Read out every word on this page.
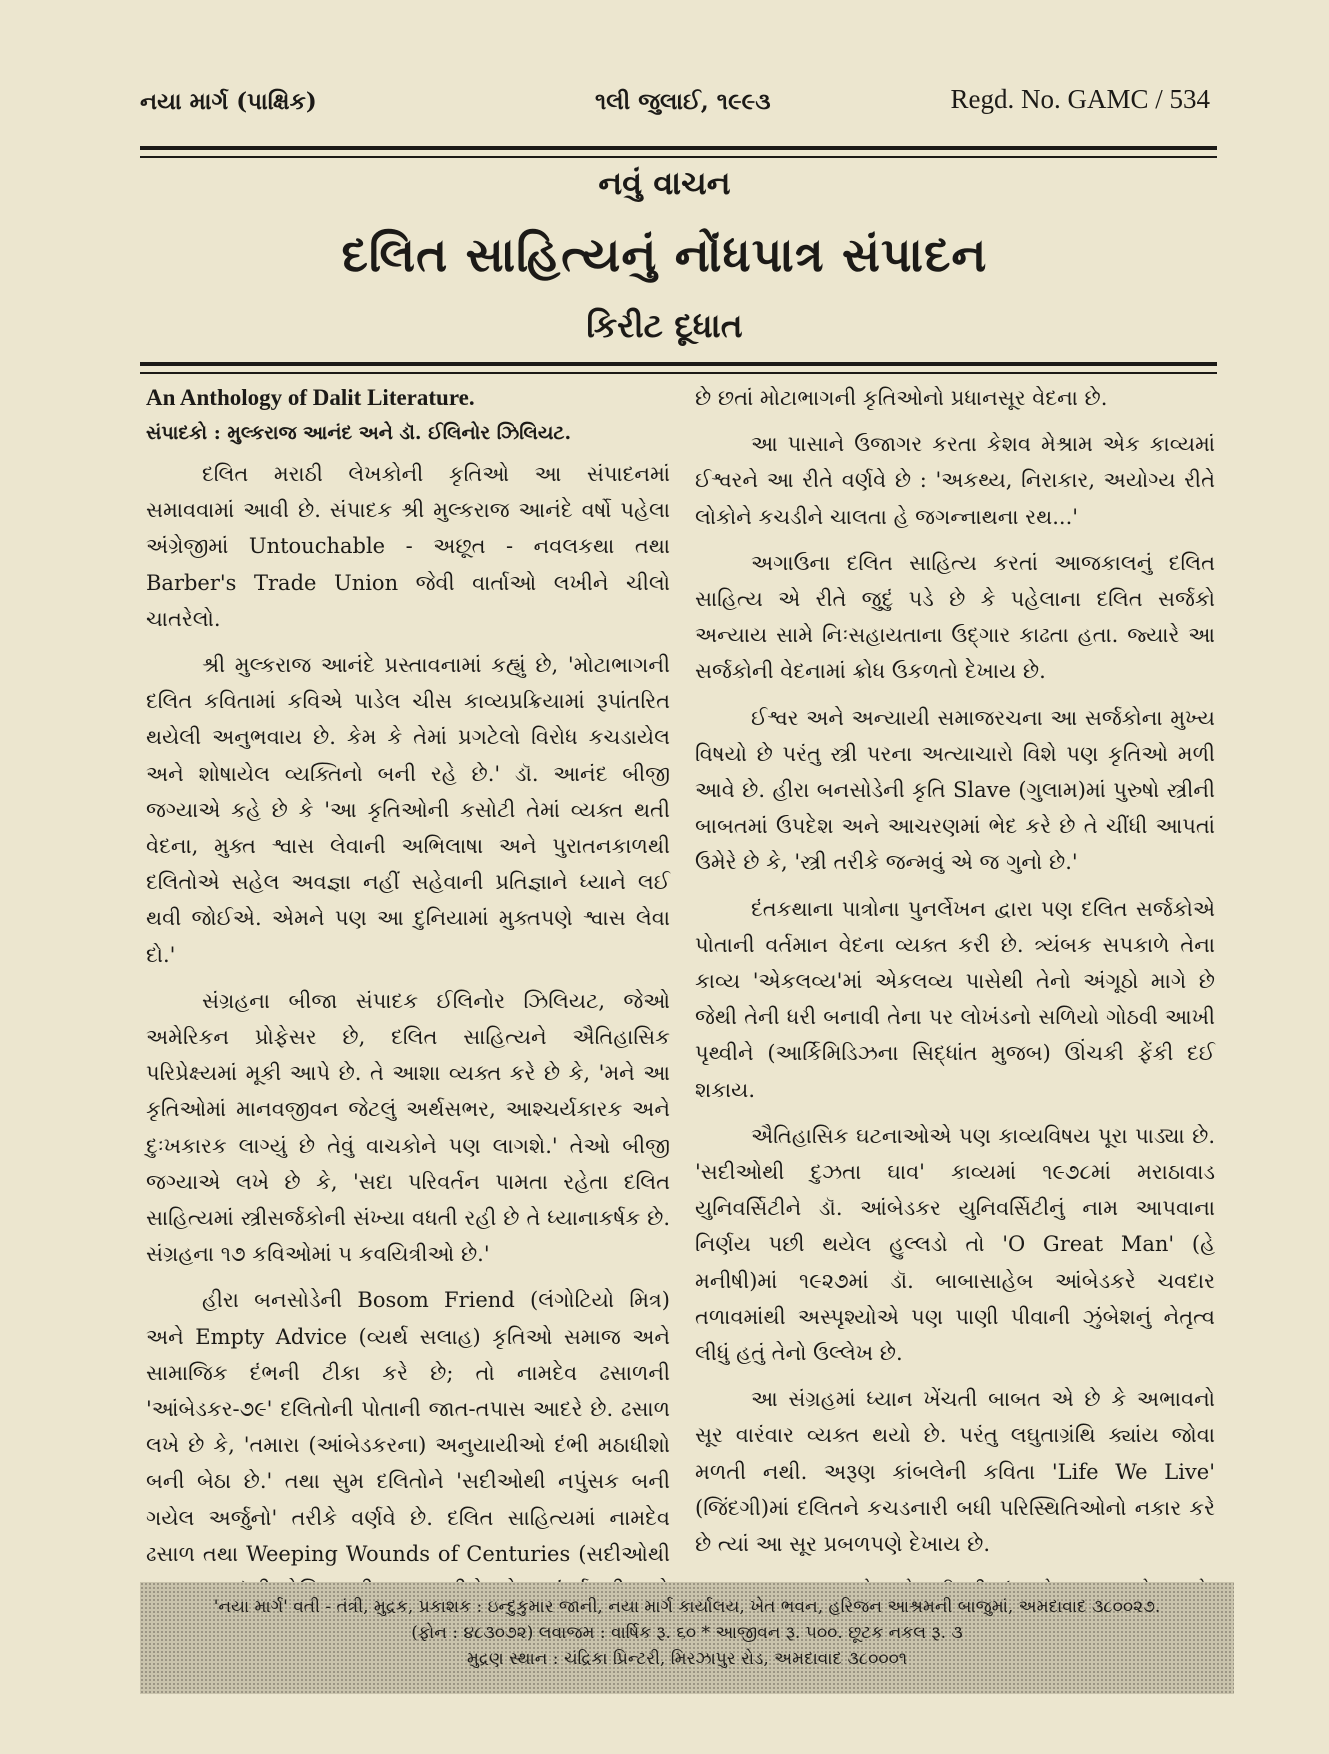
નયા માર્ગ (પાક્ષિક)	૧લી જુલાઈ, ૧૯૯૩	Regd. No. GAMC / 534
નવું વાચન
દલિત સાહિત્યનું નોંધપાત્ર સંપાદન
કિરીટ દૂધાત
An Anthology of Dalit Literature.
સંપાદકો : મુલ્કરાજ આનંદ અને ડૉ. ઈલિનોર ઝિલિયટ.

દલિત મરાઠી લેખકોની કૃતિઓ આ સંપાદનમાં સમાવવામાં આવી છે. સંપાદક શ્રી મુલ્કરાજ આનંદે વર્ષો પહેલા અંગ્રેજીમાં Untouchable - અછૂત - નવલકથા તથા Barber's Trade Union જેવી વાર્તાઓ લખીને ચીલો ચાતરેલો.

શ્રી મુલ્કરાજ આનંદે પ્રસ્તાવનામાં કહ્યું છે, 'મોટાભાગની દલિત કવિતામાં કવિએ પાડેલ ચીસ કાવ્યપ્રક્રિયામાં રૂપાંતરિત થયેલી અનુભવાય છે. કેમ કે તેમાં પ્રગટેલો વિરોધ કચડાયેલ અને શોષાયેલ વ્યક્તિનો બની રહે છે.' ડૉ. આનંદ બીજી જગ્યાએ કહે છે કે 'આ કૃતિઓની કસોટી તેમાં વ્યક્ત થતી વેદના, મુક્ત શ્વાસ લેવાની અભિલાષા અને પુરાતનકાળથી દલિતોએ સહેલ અવજ્ઞા નહીં સહેવાની પ્રતિજ્ઞાને ધ્યાને લઈ થવી જોઈએ. એમને પણ આ દુનિયામાં મુક્તપણે શ્વાસ લેવા દો.'

સંગ્રહના બીજા સંપાદક ઈલિનોર ઝિલિયટ, જેઓ અમેરિકન પ્રોફેસર છે, દલિત સાહિત્યને ઐતિહાસિક પરિપ્રેક્ષ્યમાં મૂકી આપે છે. તે આશા વ્યક્ત કરે છે કે, 'મને આ કૃતિઓમાં માનવજીવન જેટલું અર્થસભર, આશ્ચર્યકારક અને દુઃખકારક લાગ્યું છે તેવું વાચકોને પણ લાગશે.' તેઓ બીજી જગ્યાએ લખે છે કે, 'સદા પરિવર્તન પામતા રહેતા દલિત સાહિત્યમાં સ્ત્રીસર્જકોની સંખ્યા વધતી રહી છે તે ધ્યાનાકર્ષક છે. સંગ્રહના ૧૭ કવિઓમાં ૫ કવયિત્રીઓ છે.'

હીરા બનસોડેની Bosom Friend (લંગોટિયો મિત્ર) અને Empty Advice (વ્યર્થ સલાહ) કૃતિઓ સમાજ અને સામાજિક દંભની ટીકા કરે છે; તો નામદેવ ઢસાળની 'આંબેડકર-૭૯' દલિતોની પોતાની જાત-તપાસ આદરે છે. ઢસાળ લખે છે કે, 'તમારા (આંબેડકરના) અનુયાયીઓ દંભી મઠાધીશો બની બેઠા છે.' તથા સુમ દલિતોને 'સદીઓથી નપુંસક બની ગયેલ અર્જુનો' તરીકે વર્ણવે છે. દલિત સાહિત્યમાં નામદેવ ઢસાળ તથા Weeping Wounds of Centuries (સદીઓથી

છે છતાં મોટાભાગની કૃતિઓનો પ્રધાનસૂર વેદના છે.

આ પાસાને ઉજાગર કરતા કેશવ મેશ્રામ એક કાવ્યમાં ઈશ્વરને આ રીતે વર્ણવે છે : 'અકથ્ય, નિરાકાર, અયોગ્ય રીતે લોકોને કચડીને ચાલતા હે જગન્નાથના રથ...'

અગાઉના દલિત સાહિત્ય કરતાં આજકાલનું દલિત સાહિત્ય એ રીતે જુદું પડે છે કે પહેલાના દલિત સર્જકો અન્યાય સામે નિઃસહાયતાના ઉદ્ગાર કાઢતા હતા. જ્યારે આ સર્જકોની વેદનામાં ક્રોધ ઉકળતો દેખાય છે.

ઈશ્વર અને અન્યાયી સમાજરચના આ સર્જકોના મુખ્ય વિષયો છે પરંતુ સ્ત્રી પરના અત્યાચારો વિશે પણ કૃતિઓ મળી આવે છે. હીરા બનસોડેની કૃતિ Slave (ગુલામ)માં પુરુષો સ્ત્રીની બાબતમાં ઉપદેશ અને આચરણમાં ભેદ કરે છે તે ચીંધી આપતાં ઉમેરે છે કે, 'સ્ત્રી તરીકે જન્મવું એ જ ગુનો છે.'

દંતકથાના પાત્રોના પુનર્લેખન દ્વારા પણ દલિત સર્જકોએ પોતાની વર્તમાન વેદના વ્યક્ત કરી છે. ત્ર્યંબક સપકાળે તેના કાવ્ય 'એકલવ્ય'માં એકલવ્ય પાસેથી તેનો અંગૂઠો માગે છે જેથી તેની ધરી બનાવી તેના પર લોખંડનો સળિયો ગોઠવી આખી પૃથ્વીને (આર્કિમિડિઝના સિદ્ધાંત મુજબ) ઊંચકી ફેંકી દઈ શકાય.

ઐતિહાસિક ઘટનાઓએ પણ કાવ્યવિષય પૂરા પાડ્યા છે. 'સદીઓથી દુઝતા ઘાવ' કાવ્યમાં ૧૯૭૮માં મરાઠાવાડ યુનિવર્સિટીને ડૉ. આંબેડકર યુનિવર્સિટીનું નામ આપવાના નિર્ણય પછી થયેલ હુલ્લડો તો 'O Great Man' (હે મનીષી)માં ૧૯૨૭માં ડૉ. બાબાસાહેબ આંબેડકરે ચવદાર તળાવમાંથી અસ્પૃશ્યોએ પણ પાણી પીવાની ઝુંબેશનું નેતૃત્વ લીધું હતું તેનો ઉલ્લેખ છે.

આ સંગ્રહમાં ધ્યાન ખેંચતી બાબત એ છે કે અભાવનો સૂર વારંવાર વ્યક્ત થયો છે. પરંતુ લઘુતાગ્રંથિ ક્યાંય જોવા મળતી નથી. અરૂણ કાંબલેની કવિતા 'Life We Live' (જિંદગી)માં દલિતને કચડનારી બધી પરિસ્થિતિઓનો નકાર કરે છે ત્યાં આ સૂર પ્રબળપણે દેખાય છે.

'નયા માર્ગ' વતી - તંત્રી, મુદ્રક, પ્રકાશક : ઇન્દુકુમાર જાની, નયા માર્ગ કાર્યાલય, ખેત ભવન, હરિજન આશ્રમની બાજુમાં, અમદાવાદ ૩૮૦૦૨૭.
(ફોન : ૪૮૩૦૭૨) લવાજમ : વાર્ષિક રૂ. ૬૦ * આજીવન રૂ. ૫૦૦. છૂટક નકલ રૂ. ૩
મુદ્રણ સ્થાન : ચંદ્રિકા પ્રિન્ટરી, મિરઝાપુર રોડ, અમદાવાદ ૩૮૦૦૦૧
